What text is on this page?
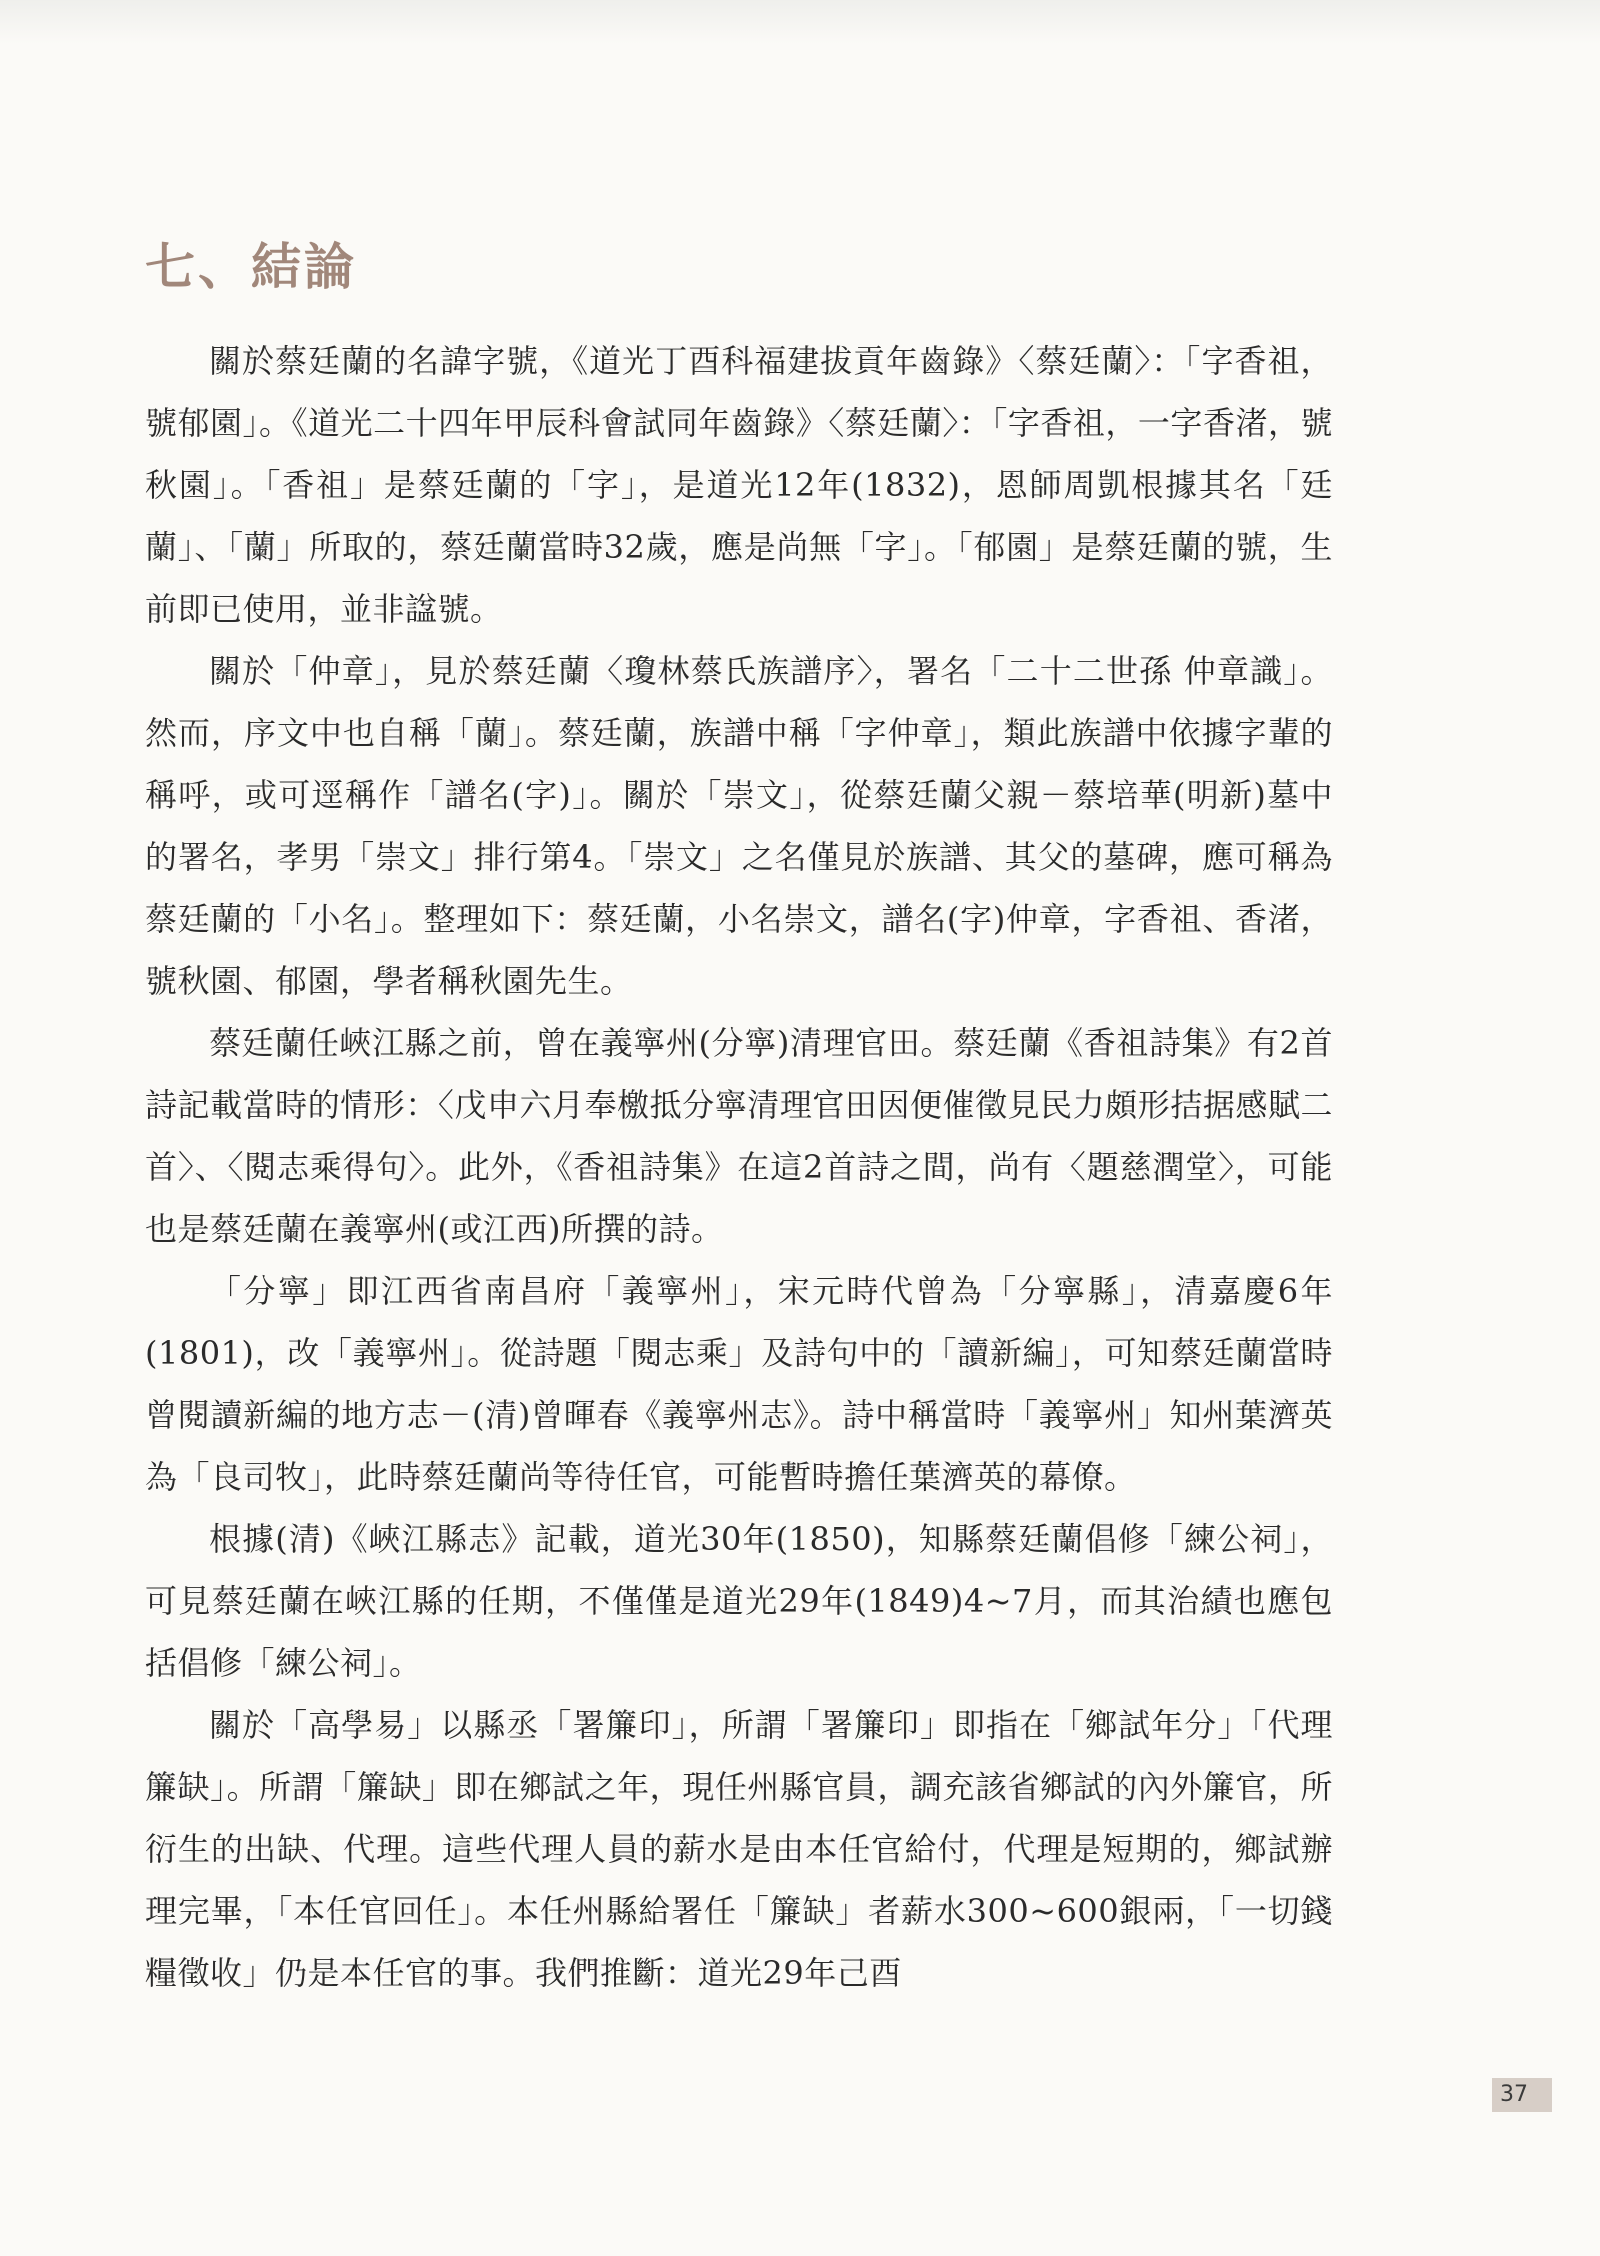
七、結論

關於蔡廷蘭的名諱字號，《道光丁酉科福建拔貢年齒錄》〈蔡廷蘭〉：「字香祖，號郁園」。《道光二十四年甲辰科會試同年齒錄》〈蔡廷蘭〉：「字香祖，一字香渚，號秋園」。「香祖」是蔡廷蘭的「字」，是道光12年(1832)，恩師周凱根據其名「廷蘭」、「蘭」所取的，蔡廷蘭當時32歲，應是尚無「字」。「郁園」是蔡廷蘭的號，生前即已使用，並非諡號。

關於「仲章」，見於蔡廷蘭〈瓊林蔡氏族譜序〉，署名「二十二世孫 仲章識」。然而，序文中也自稱「蘭」。蔡廷蘭，族譜中稱「字仲章」，類此族譜中依據字輩的稱呼，或可逕稱作「譜名(字)」。關於「崇文」，從蔡廷蘭父親－蔡培華(明新)墓中的署名，孝男「崇文」排行第4。「崇文」之名僅見於族譜、其父的墓碑，應可稱為蔡廷蘭的「小名」。整理如下：蔡廷蘭，小名崇文，譜名(字)仲章，字香祖、香渚，號秋園、郁園，學者稱秋園先生。

蔡廷蘭任峽江縣之前，曾在義寧州(分寧)清理官田。蔡廷蘭《香祖詩集》有2首詩記載當時的情形：〈戊申六月奉檄抵分寧清理官田因便催徵見民力頗形拮据感賦二首〉、〈閱志乘得句〉。此外，《香祖詩集》在這2首詩之間，尚有〈題慈潤堂〉，可能也是蔡廷蘭在義寧州(或江西)所撰的詩。

「分寧」即江西省南昌府「義寧州」，宋元時代曾為「分寧縣」，清嘉慶6年(1801)，改「義寧州」。從詩題「閱志乘」及詩句中的「讀新編」，可知蔡廷蘭當時曾閱讀新編的地方志－(清)曾暉春《義寧州志》。詩中稱當時「義寧州」知州葉濟英為「良司牧」，此時蔡廷蘭尚等待任官，可能暫時擔任葉濟英的幕僚。

根據(清)《峽江縣志》記載，道光30年(1850)，知縣蔡廷蘭倡修「練公祠」，可見蔡廷蘭在峽江縣的任期，不僅僅是道光29年(1849)4~7月，而其治績也應包括倡修「練公祠」。

關於「高學易」以縣丞「署簾印」，所謂「署簾印」即指在「鄉試年分」「代理簾缺」。所謂「簾缺」即在鄉試之年，現任州縣官員，調充該省鄉試的內外簾官，所衍生的出缺、代理。這些代理人員的薪水是由本任官給付，代理是短期的，鄉試辦理完畢，「本任官回任」。本任州縣給署任「簾缺」者薪水300~600銀兩，「一切錢糧徵收」仍是本任官的事。我們推斷：道光29年己酉

37
